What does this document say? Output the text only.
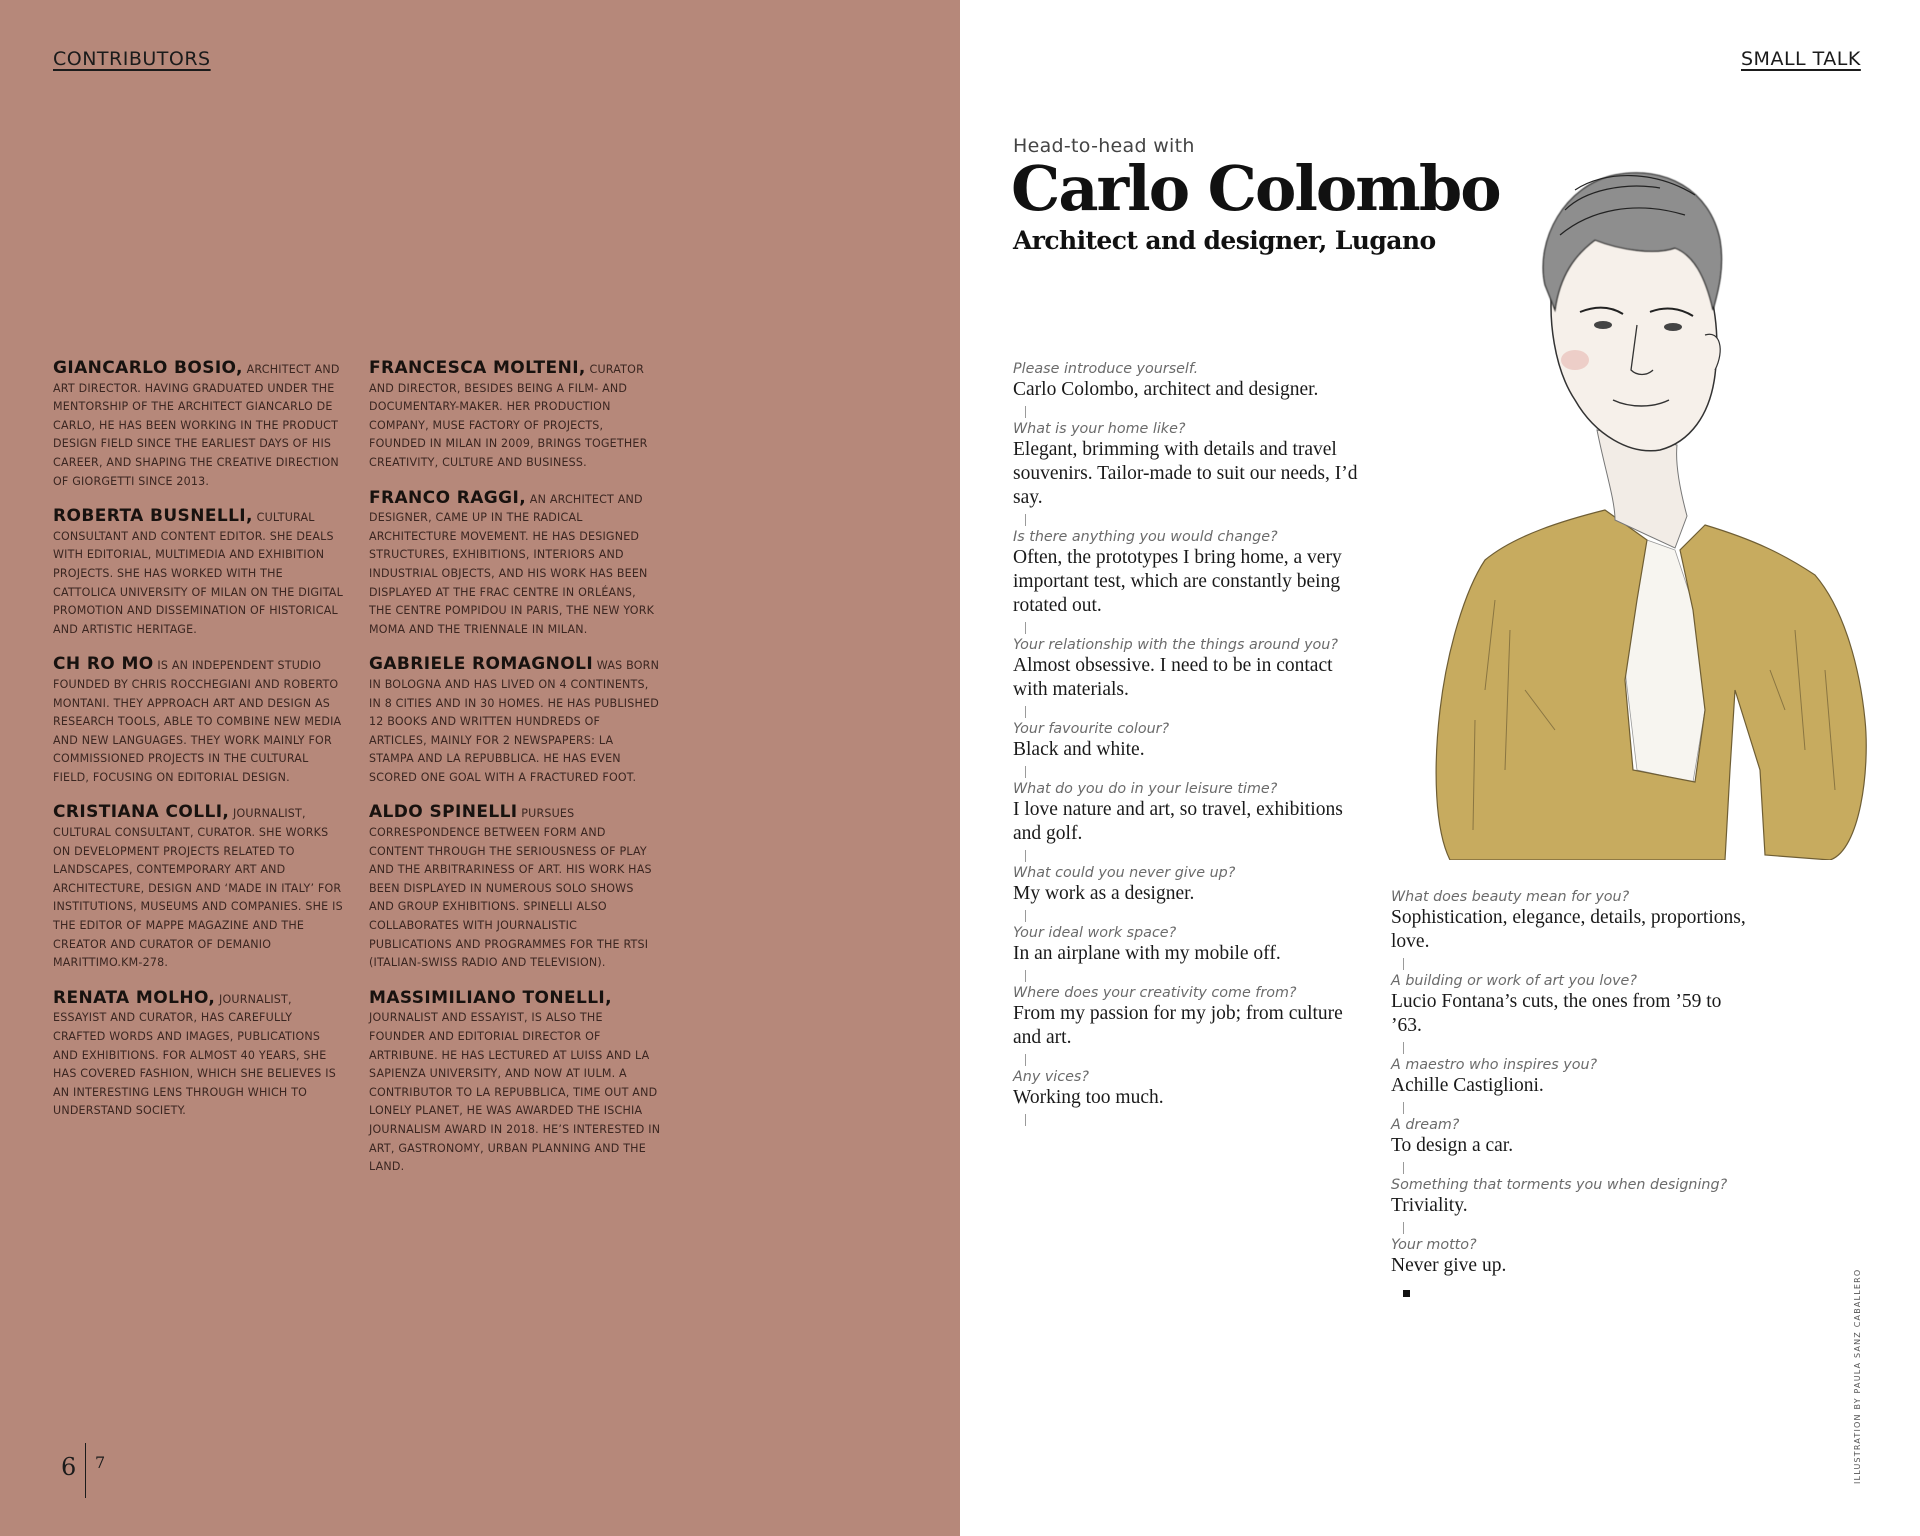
CONTRIBUTORS

GIANCARLO BOSIO, ARCHITECT AND ART DIRECTOR. HAVING GRADUATED UNDER THE MENTORSHIP OF THE ARCHITECT GIANCARLO DE CARLO, HE HAS BEEN WORKING IN THE PRODUCT DESIGN FIELD SINCE THE EARLIEST DAYS OF HIS CAREER, AND SHAPING THE CREATIVE DIRECTION OF GIORGETTI SINCE 2013.

ROBERTA BUSNELLI, CULTURAL CONSULTANT AND CONTENT EDITOR. SHE DEALS WITH EDITORIAL, MULTIMEDIA AND EXHIBITION PROJECTS. SHE HAS WORKED WITH THE CATTOLICA UNIVERSITY OF MILAN ON THE DIGITAL PROMOTION AND DISSEMINATION OF HISTORICAL AND ARTISTIC HERITAGE.

CH RO MO IS AN INDEPENDENT STUDIO FOUNDED BY CHRIS ROCCHEGIANI AND ROBERTO MONTANI. THEY APPROACH ART AND DESIGN AS RESEARCH TOOLS, ABLE TO COMBINE NEW MEDIA AND NEW LANGUAGES. THEY WORK MAINLY FOR COMMISSIONED PROJECTS IN THE CULTURAL FIELD, FOCUSING ON EDITORIAL DESIGN.

CRISTIANA COLLI, JOURNALIST, CULTURAL CONSULTANT, CURATOR. SHE WORKS ON DEVELOPMENT PROJECTS RELATED TO LANDSCAPES, CONTEMPORARY ART AND ARCHITECTURE, DESIGN AND ‘MADE IN ITALY’ FOR INSTITUTIONS, MUSEUMS AND COMPANIES. SHE IS THE EDITOR OF MAPPE MAGAZINE AND THE CREATOR AND CURATOR OF DEMANIO MARITTIMO.KM-278.

RENATA MOLHO, JOURNALIST, ESSAYIST AND CURATOR, HAS CAREFULLY CRAFTED WORDS AND IMAGES, PUBLICATIONS AND EXHIBITIONS. FOR ALMOST 40 YEARS, SHE HAS COVERED FASHION, WHICH SHE BELIEVES IS AN INTERESTING LENS THROUGH WHICH TO UNDERSTAND SOCIETY.

FRANCESCA MOLTENI, CURATOR AND DIRECTOR, BESIDES BEING A FILM- AND DOCUMENTARY-MAKER. HER PRODUCTION COMPANY, MUSE FACTORY OF PROJECTS, FOUNDED IN MILAN IN 2009, BRINGS TOGETHER CREATIVITY, CULTURE AND BUSINESS.

FRANCO RAGGI, AN ARCHITECT AND DESIGNER, CAME UP IN THE RADICAL ARCHITECTURE MOVEMENT. HE HAS DESIGNED STRUCTURES, EXHIBITIONS, INTERIORS AND INDUSTRIAL OBJECTS, AND HIS WORK HAS BEEN DISPLAYED AT THE FRAC CENTRE IN ORLÉANS, THE CENTRE POMPIDOU IN PARIS, THE NEW YORK MOMA AND THE TRIENNALE IN MILAN.

GABRIELE ROMAGNOLI WAS BORN IN BOLOGNA AND HAS LIVED ON 4 CONTINENTS, IN 8 CITIES AND IN 30 HOMES. HE HAS PUBLISHED 12 BOOKS AND WRITTEN HUNDREDS OF ARTICLES, MAINLY FOR 2 NEWSPAPERS: LA STAMPA AND LA REPUBBLICA. HE HAS EVEN SCORED ONE GOAL WITH A FRACTURED FOOT.

ALDO SPINELLI PURSUES CORRESPONDENCE BETWEEN FORM AND CONTENT THROUGH THE SERIOUSNESS OF PLAY AND THE ARBITRARINESS OF ART. HIS WORK HAS BEEN DISPLAYED IN NUMEROUS SOLO SHOWS AND GROUP EXHIBITIONS. SPINELLI ALSO COLLABORATES WITH JOURNALISTIC PUBLICATIONS AND PROGRAMMES FOR THE RTSI (ITALIAN-SWISS RADIO AND TELEVISION).

MASSIMILIANO TONELLI, JOURNALIST AND ESSAYIST, IS ALSO THE FOUNDER AND EDITORIAL DIRECTOR OF ARTRIBUNE. HE HAS LECTURED AT LUISS AND LA SAPIENZA UNIVERSITY, AND NOW AT IULM. A CONTRIBUTOR TO LA REPUBBLICA, TIME OUT AND LONELY PLANET, HE WAS AWARDED THE ISCHIA JOURNALISM AWARD IN 2018. HE’S INTERESTED IN ART, GASTRONOMY, URBAN PLANNING AND THE LAND.

6 7
SMALL TALK
Head-to-head with
Carlo Colombo
Architect and designer, Lugano
Please introduce yourself.
Carlo Colombo, architect and designer.
What is your home like?
Elegant, brimming with details and travel souvenirs. Tailor-made to suit our needs, I’d say.
Is there anything you would change?
Often, the prototypes I bring home, a very important test, which are constantly being rotated out.
Your relationship with the things around you?
Almost obsessive. I need to be in contact with materials.
Your favourite colour?
Black and white.
What do you do in your leisure time?
I love nature and art, so travel, exhibitions and golf.
What could you never give up?
My work as a designer.
Your ideal work space?
In an airplane with my mobile off.
Where does your creativity come from?
From my passion for my job; from culture and art.
Any vices?
Working too much.
What does beauty mean for you?
Sophistication, elegance, details, proportions, love.
A building or work of art you love?
Lucio Fontana’s cuts, the ones from ’59 to ’63.
A maestro who inspires you?
Achille Castiglioni.
A dream?
To design a car.
Something that torments you when designing?
Triviality.
Your motto?
Never give up.
ILLUSTRATION BY PAULA SANZ CABALLERO
